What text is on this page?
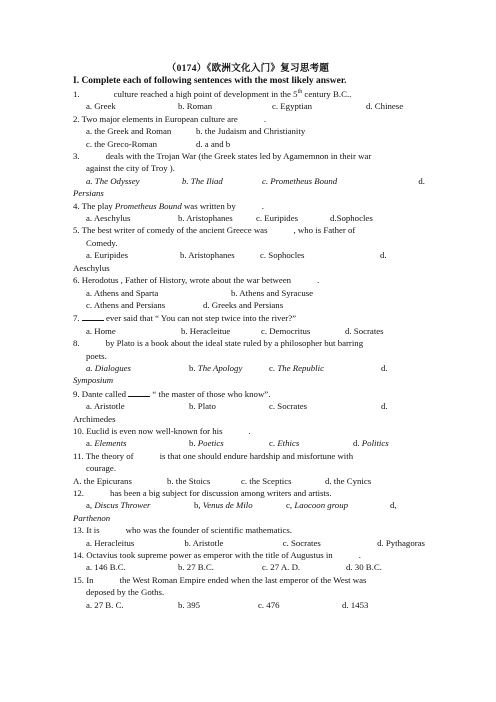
（0174）《欧洲文化入门》复习思考题
I. Complete each of following sentences with the most likely answer.

1.	culture reached a high point of development in the 5th century B.C..

a. Greek	b. Roman	c. Egyptian	d. Chinese

2. Two major elements in European culture are	.

a. the Greek and Roman	b. the Judaism and Christianity
c. the Greco-Roman	d. a and b

3.	deals with the Trojan War (the Greek states led by Agamemnon in their war

against the city of Troy ).

a. The Odyssey	b. The Iliad	c. Prometheus Bound	d.

Persians

4. The play Prometheus Bound was written by	.

a. Aeschylus	b. Aristophanes	c. Euripides	d.Sophocles

5. The best writer of comedy of the ancient Greece was	, who is Father of

Comedy.

a. Euripides	b. Aristophanes	c. Sophocles	d.

Aeschylus

6. Herodotus , Father of History, wrote about the war between	.

a. Athens and Sparta	b. Athens and Syracuse
c. Athens and Persians	d. Greeks and Persians

7.	ever said that “ You can not step twice into the river?”

a. Home	b. Heracleitue	c. Democritus	d. Socrates

8.	by Plato is a book about the ideal state ruled by a philosopher but barring

poets.

a. Dialogues	b. The Apology	c. The Republic	d.

Symposium

9. Dante called	“ the master of those who know”.

a. Aristotle	b. Plato	c. Socrates	d.

Archimedes

10. Euclid is even now well-known for his	.

a. Elements	b. Poetics	c. Ethics	d. Politics

11. The theory of	is that one should endure hardship and misfortune with

courage.

A. the Epicurans	b. the Stoics	c. the Sceptics	d. the Cynics

12.	has been a big subject for discussion among writers and artists.

a, Discus Thrower	b, Venus de Milo	c, Laocoon group	d,

Parthenon

13. It is	who was the founder of scientific mathematics.

a. Heracleitus	b. Aristotle	c. Socrates	d. Pythagoras

14. Octavius took supreme power as emperor with the title of Augustus in	.

a. 146 B.C.	b. 27 B.C.	c. 27 A. D.	d. 30 B.C.

15. In	the West Roman Empire ended when the last emperor of the West was

deposed by the Goths.

a. 27 B. C.	b. 395	c. 476	d. 1453
